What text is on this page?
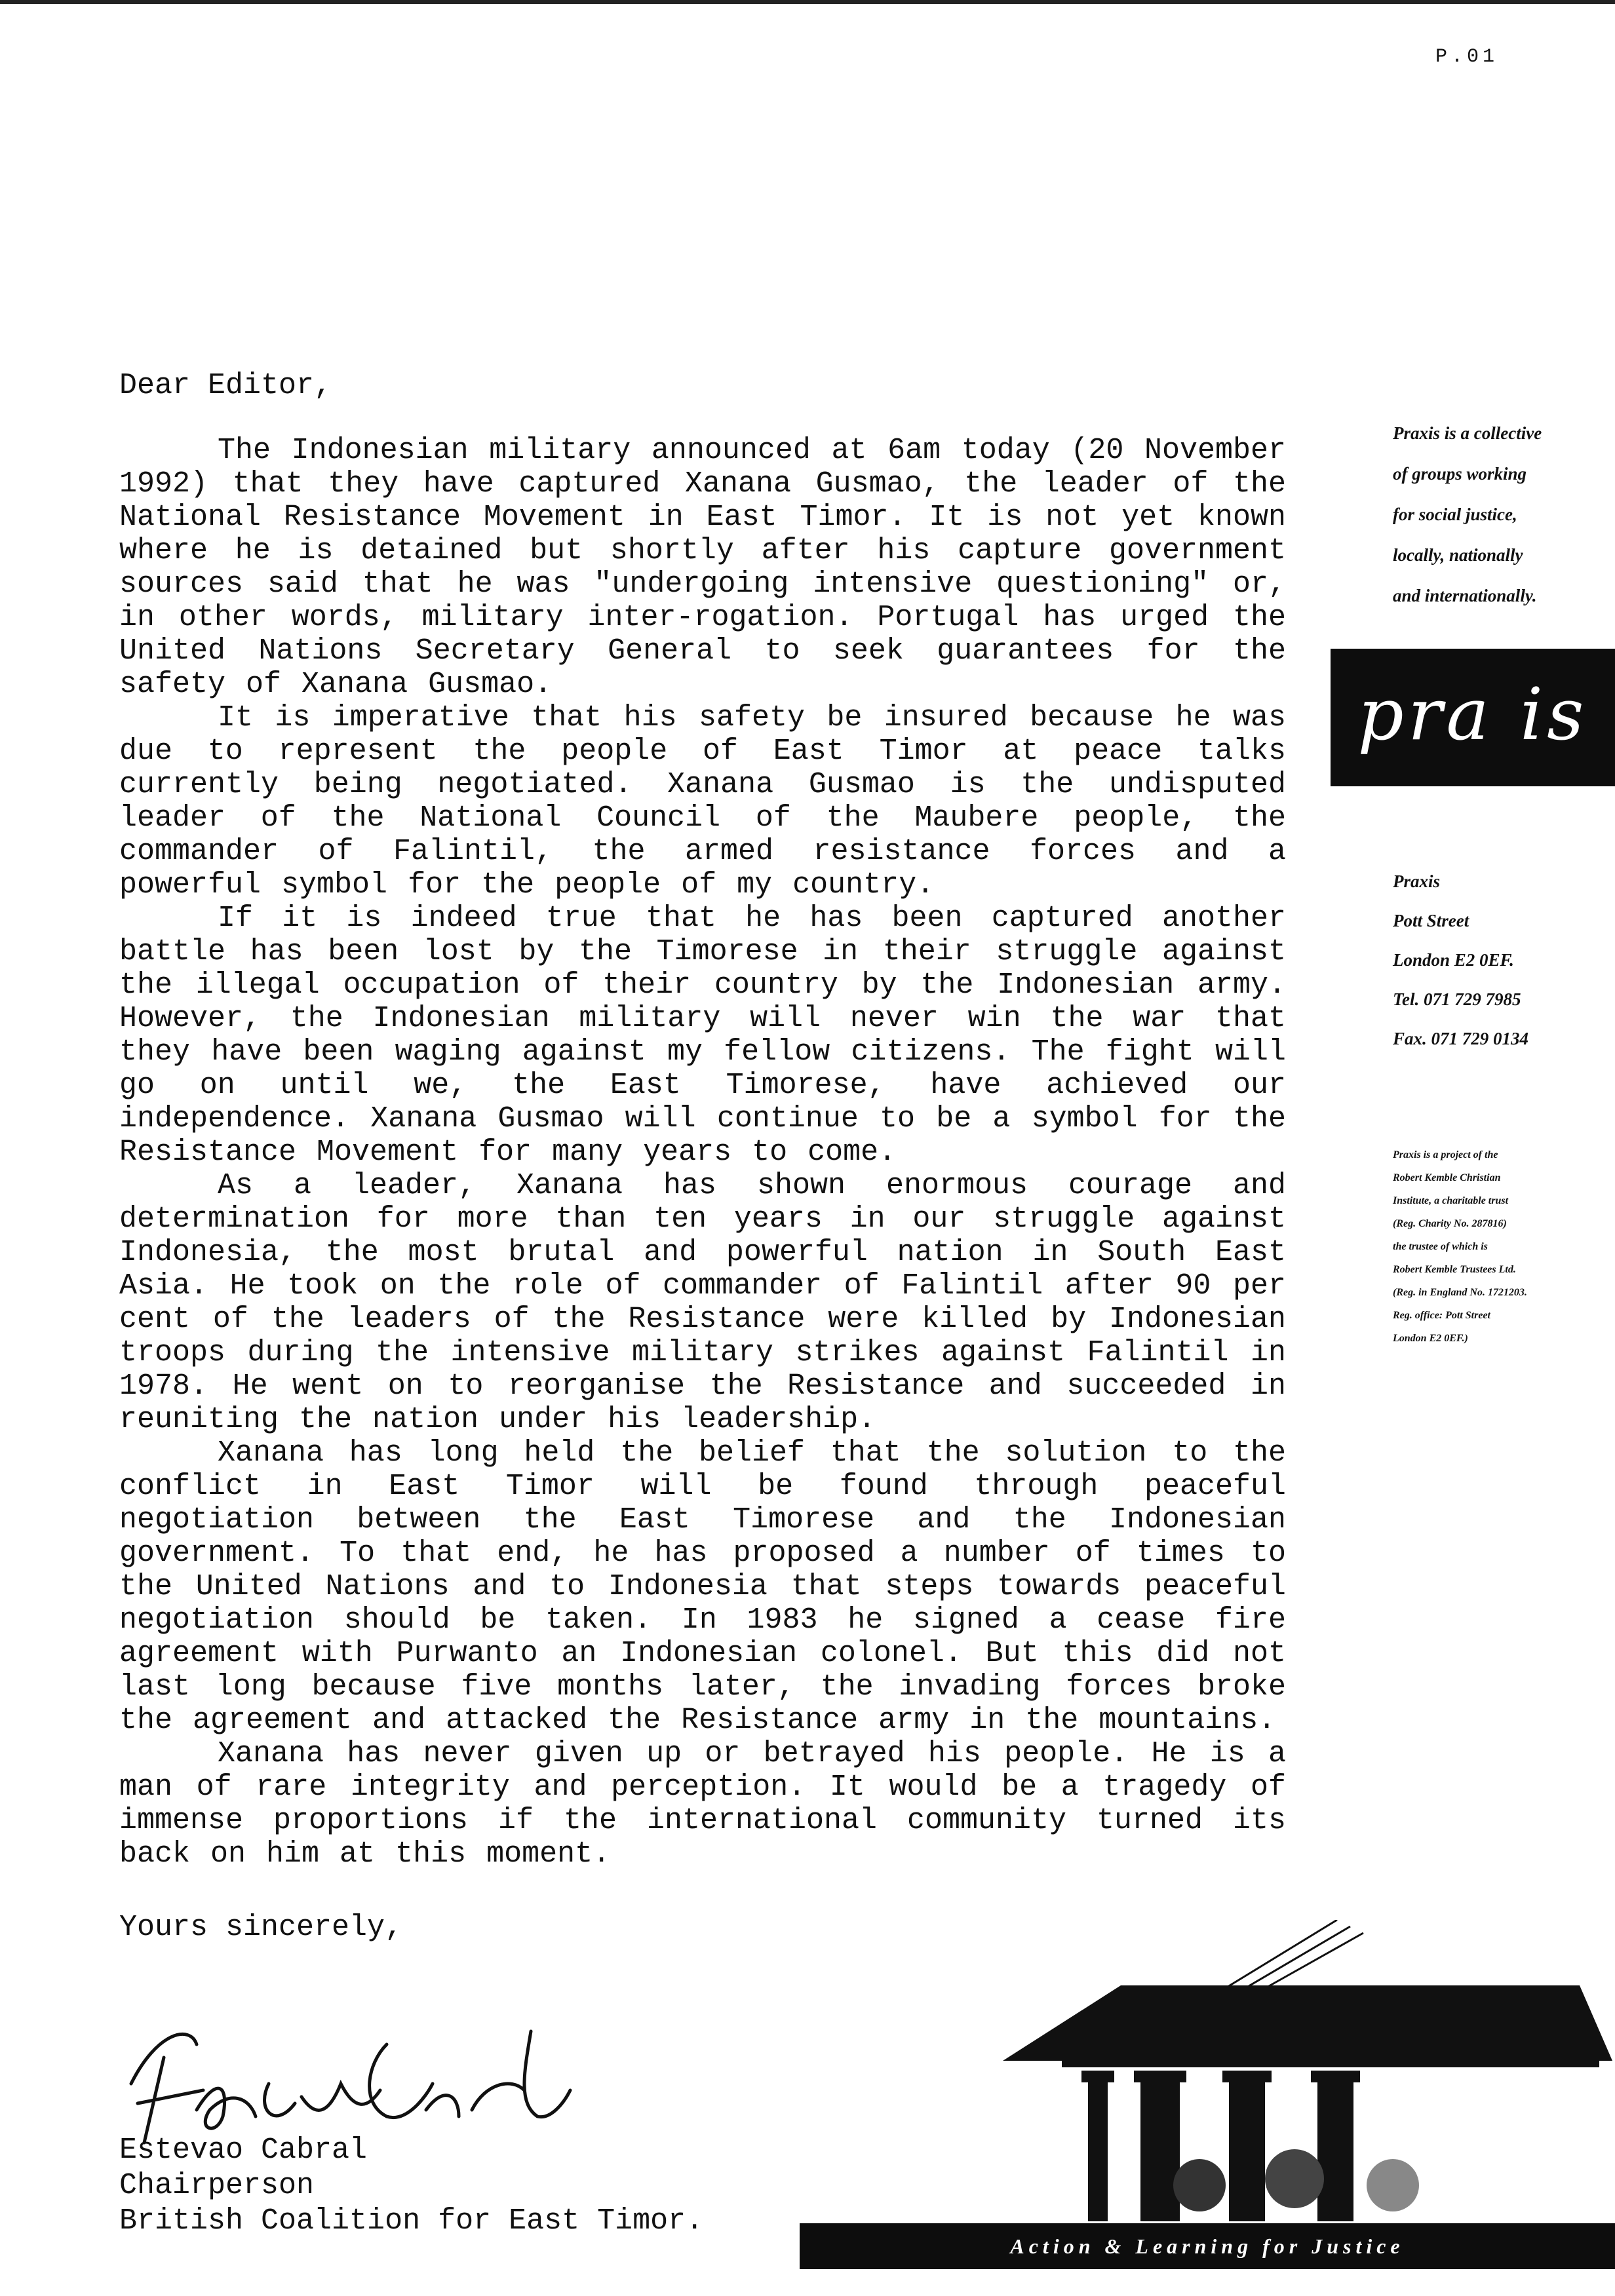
P.01
Dear Editor,

The Indonesian military announced at 6am today (20 November 1992) that they have captured Xanana Gusmao, the leader of the National Resistance Movement in East Timor. It is not yet known where he is detained but shortly after his capture government sources said that he was "undergoing intensive questioning" or, in other words, military inter-rogation. Portugal has urged the United Nations Secretary General to seek guarantees for the safety of Xanana Gusmao.

It is imperative that his safety be insured because he was due to represent the people of East Timor at peace talks currently being negotiated. Xanana Gusmao is the undisputed leader of the National Council of the Maubere people, the commander of Falintil, the armed resistance forces and a powerful symbol for the people of my country.

If it is indeed true that he has been captured another battle has been lost by the Timorese in their struggle against the illegal occupation of their country by the Indonesian army. However, the Indonesian military will never win the war that they have been waging against my fellow citizens. The fight will go on until we, the East Timorese, have achieved our independence. Xanana Gusmao will continue to be a symbol for the Resistance Movement for many years to come.

As a leader, Xanana has shown enormous courage and determination for more than ten years in our struggle against Indonesia, the most brutal and powerful nation in South East Asia. He took on the role of commander of Falintil after 90 per cent of the leaders of the Resistance were killed by Indonesian troops during the intensive military strikes against Falintil in 1978. He went on to reorganise the Resistance and succeeded in reuniting the nation under his leadership.

Xanana has long held the belief that the solution to the conflict in East Timor will be found through peaceful negotiation between the East Timorese and the Indonesian government. To that end, he has proposed a number of times to the United Nations and to Indonesia that steps towards peaceful negotiation should be taken. In 1983 he signed a cease fire agreement with Purwanto an Indonesian colonel. But this did not last long because five months later, the invading forces broke the agreement and attacked the Resistance army in the mountains.

Xanana has never given up or betrayed his people. He is a man of rare integrity and perception. It would be a tragedy of immense proportions if the international community turned its back on him at this moment.

Yours sincerely,
Estevao Cabral
Chairperson
British Coalition for East Timor.
Praxis is a collective
of groups working
for social justice,
locally, nationally
and internationally.
pra is
Praxis
Pott Street
London E2 0EF.
Tel. 071 729 7985
Fax. 071 729 0134
Praxis is a project of the
Robert Kemble Christian
Institute, a charitable trust
(Reg. Charity No. 287816)
the trustee of which is
Robert Kemble Trustees Ltd.
(Reg. in England No. 1721203.
Reg. office: Pott Street
London E2 0EF.)
Action & Learning for Justice
